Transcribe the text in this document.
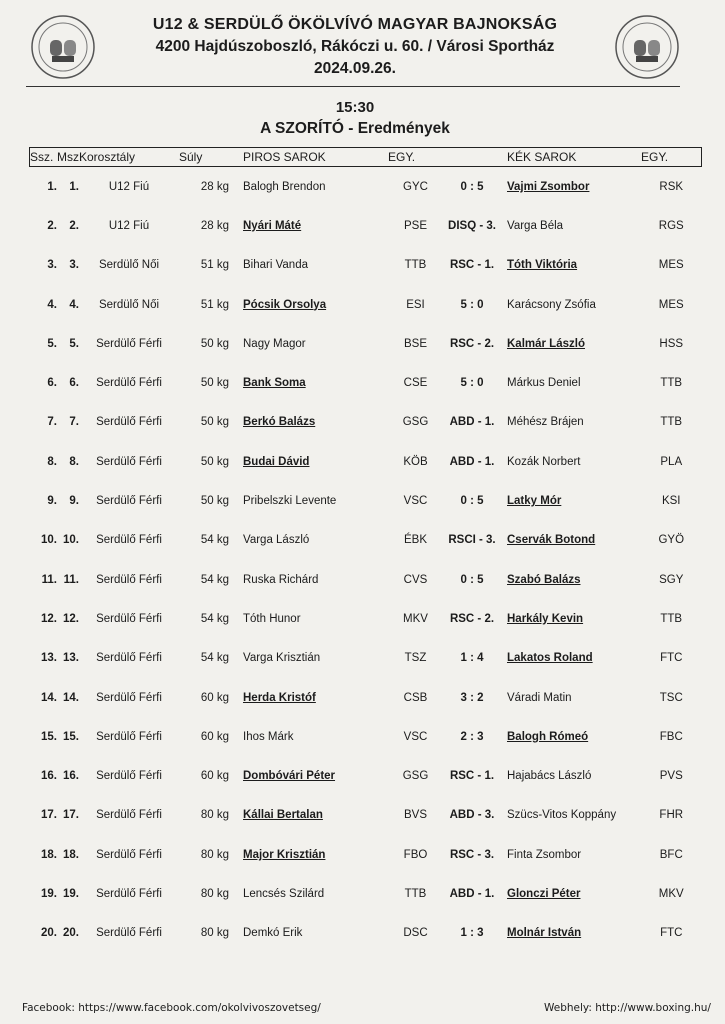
U12 & SERDÜLŐ ÖKÖLVÍVÓ MAGYAR BAJNOKSÁG
4200 Hajdúszoboszló, Rákóczi u. 60. / Városi Sportház
2024.09.26.
15:30
A SZORÍTÓ - Eredmények
Ssz.	Msz.	Korosztály	Súly	PIROS SAROK	EGY.		KÉK SAROK	EGY.
1.	1.	U12 Fiú	28 kg	Balogh Brendon	GYC	0 : 5	Vajmi Zsombor	RSK
2.	2.	U12 Fiú	28 kg	Nyári Máté	PSE	DISQ - 3.	Varga Béla	RGS
3.	3.	Serdülő Női	51 kg	Bihari Vanda	TTB	RSC - 1.	Tóth Viktória	MES
4.	4.	Serdülő Női	51 kg	Pócsik Orsolya	ESI	5 : 0	Karácsony Zsófia	MES
5.	5.	Serdülő Férfi	50 kg	Nagy Magor	BSE	RSC - 2.	Kalmár László	HSS
6.	6.	Serdülő Férfi	50 kg	Bank Soma	CSE	5 : 0	Márkus Deniel	TTB
7.	7.	Serdülő Férfi	50 kg	Berkó Balázs	GSG	ABD - 1.	Méhész Brájen	TTB
8.	8.	Serdülő Férfi	50 kg	Budai Dávid	KÖB	ABD - 1.	Kozák Norbert	PLA
9.	9.	Serdülő Férfi	50 kg	Pribelszki Levente	VSC	0 : 5	Latky Mór	KSI
10.	10.	Serdülő Férfi	54 kg	Varga László	ÉBK	RSCI - 3.	Cservák Botond	GYÖ
11.	11.	Serdülő Férfi	54 kg	Ruska Richárd	CVS	0 : 5	Szabó Balázs	SGY
12.	12.	Serdülő Férfi	54 kg	Tóth Hunor	MKV	RSC - 2.	Harkály Kevin	TTB
13.	13.	Serdülő Férfi	54 kg	Varga Krisztián	TSZ	1 : 4	Lakatos Roland	FTC
14.	14.	Serdülő Férfi	60 kg	Herda Kristóf	CSB	3 : 2	Váradi Matin	TSC
15.	15.	Serdülő Férfi	60 kg	Ihos Márk	VSC	2 : 3	Balogh Rómeó	FBC
16.	16.	Serdülő Férfi	60 kg	Dombóvári Péter	GSG	RSC - 1.	Hajabács László	PVS
17.	17.	Serdülő Férfi	80 kg	Kállai Bertalan	BVS	ABD - 3.	Szücs-Vitos Koppány	FHR
18.	18.	Serdülő Férfi	80 kg	Major Krisztián	FBO	RSC - 3.	Finta Zsombor	BFC
19.	19.	Serdülő Férfi	80 kg	Lencsés Szilárd	TTB	ABD - 1.	Glonczi Péter	MKV
20.	20.	Serdülő Férfi	80 kg	Demkó Erik	DSC	1 : 3	Molnár István	FTC
Facebook: https://www.facebook.com/okolvivoszovetseg/	Webhely: http://www.boxing.hu/
